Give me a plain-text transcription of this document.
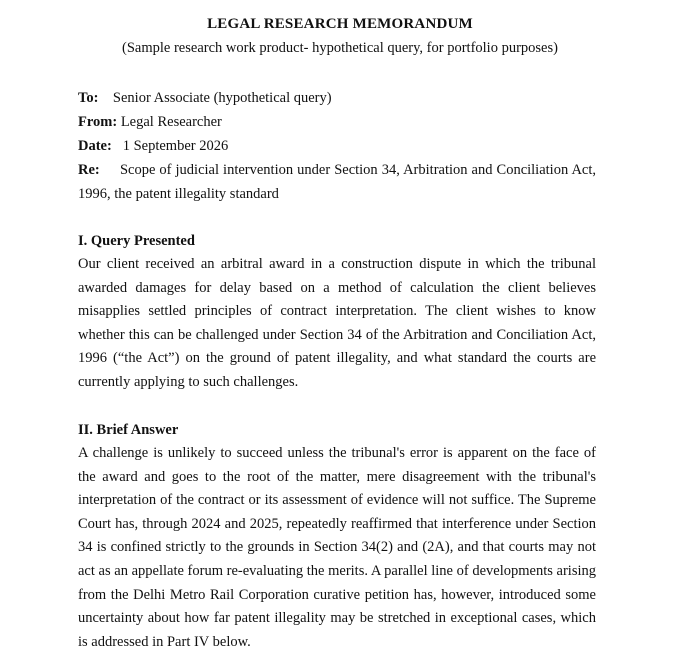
LEGAL RESEARCH MEMORANDUM

(Sample research work product- hypothetical query, for portfolio purposes)

To: Senior Associate (hypothetical query)

From: Legal Researcher

Date: 1 September 2026

Re: Scope of judicial intervention under Section 34, Arbitration and Conciliation Act, 1996, the patent illegality standard

I. Query Presented

Our client received an arbitral award in a construction dispute in which the tribunal awarded damages for delay based on a method of calculation the client believes misapplies settled principles of contract interpretation. The client wishes to know whether this can be challenged under Section 34 of the Arbitration and Conciliation Act, 1996 (“the Act”) on the ground of patent illegality, and what standard the courts are currently applying to such challenges.

II. Brief Answer

A challenge is unlikely to succeed unless the tribunal's error is apparent on the face of the award and goes to the root of the matter, mere disagreement with the tribunal's interpretation of the contract or its assessment of evidence will not suffice. The Supreme Court has, through 2024 and 2025, repeatedly reaffirmed that interference under Section 34 is confined strictly to the grounds in Section 34(2) and (2A), and that courts may not act as an appellate forum re-evaluating the merits. A parallel line of developments arising from the Delhi Metro Rail Corporation curative petition has, however, introduced some uncertainty about how far patent illegality may be stretched in exceptional cases, which is addressed in Part IV below.
